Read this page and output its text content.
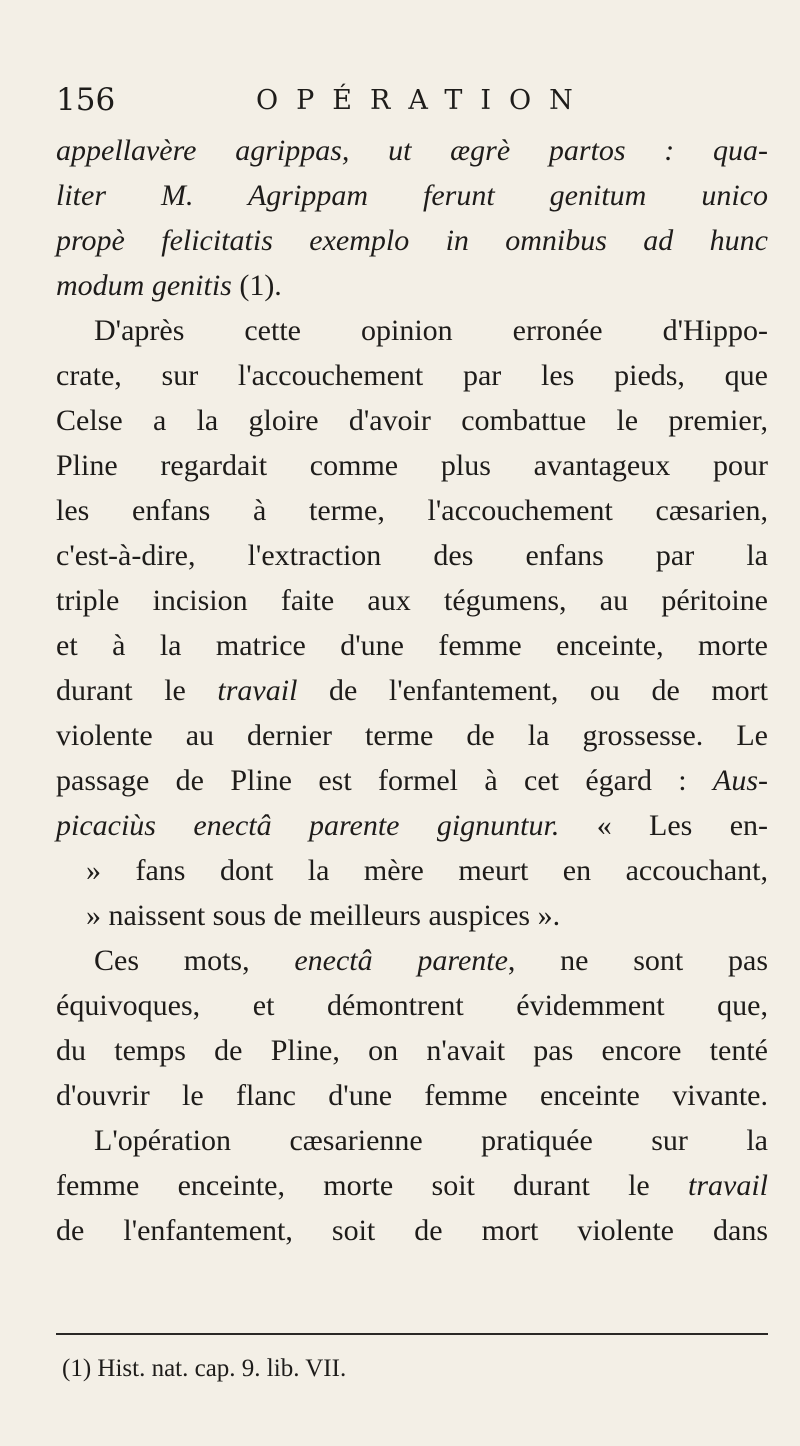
156	OPÉRATION
appellavère agrippas, ut ægrè partos : qua-
liter M. Agrippam ferunt genitum unico
propè felicitatis exemplo in omnibus ad hunc
modum genitis (1).
D'après cette opinion erronée d'Hippo-
crate, sur l'accouchement par les pieds, que
Celse a la gloire d'avoir combattue le premier,
Pline regardait comme plus avantageux pour
les enfans à terme, l'accouchement cæsarien,
c'est-à-dire, l'extraction des enfans par la
triple incision faite aux tégumens, au péritoine
et à la matrice d'une femme enceinte, morte
durant le travail de l'enfantement, ou de mort
violente au dernier terme de la grossesse. Le
passage de Pline est formel à cet égard : Aus-
picaciùs enectâ parente gignuntur. « Les en-
» fans dont la mère meurt en accouchant,
» naissent sous de meilleurs auspices ».
Ces mots, enectâ parente, ne sont pas
équivoques, et démontrent évidemment que,
du temps de Pline, on n'avait pas encore tenté
d'ouvrir le flanc d'une femme enceinte vivante.
L'opération cæsarienne pratiquée sur la
femme enceinte, morte soit durant le travail
de l'enfantement, soit de mort violente dans
(1) Hist. nat. cap. 9. lib. VII.
